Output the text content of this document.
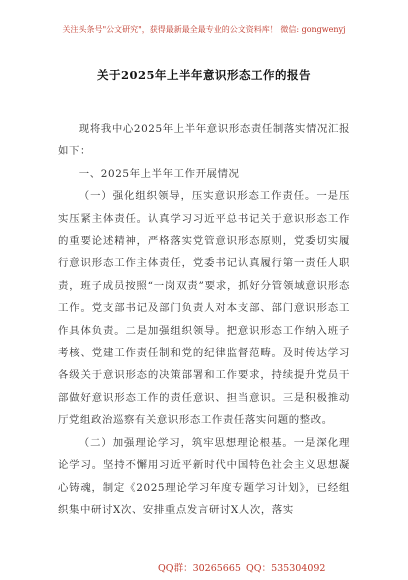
关注头条号"公文研究"，获得最新最全最专业的公文资料库！ 微信: gongwenyj
关于2025年上半年意识形态工作的报告

现将我中心2025年上半年意识形态责任制落实情况汇报如下：

一、2025年上半年工作开展情况

（一）强化组织领导，压实意识形态工作责任。一是压实压紧主体责任。认真学习习近平总书记关于意识形态工作的重要论述精神，严格落实党管意识形态原则，党委切实履行意识形态工作主体责任，党委书记认真履行第一责任人职责，班子成员按照“一岗双责”要求，抓好分管领域意识形态工作。党支部书记及部门负责人对本支部、部门意识形态工作具体负责。二是加强组织领导。把意识形态工作纳入班子考核、党建工作责任制和党的纪律监督范畴。及时传达学习各级关于意识形态的决策部署和工作要求，持续提升党员干部做好意识形态工作的责任意识、担当意识。三是积极推动厅党组政治巡察有关意识形态工作责任落实问题的整改。

（二）加强理论学习，筑牢思想理论根基。一是深化理论学习。坚持不懈用习近平新时代中国特色社会主义思想凝心铸魂，制定《2025理论学习年度专题学习计划》，已经组织集中研讨X次、安排重点发言研讨X人次，落实

QQ群：30265665 QQ：535304092
